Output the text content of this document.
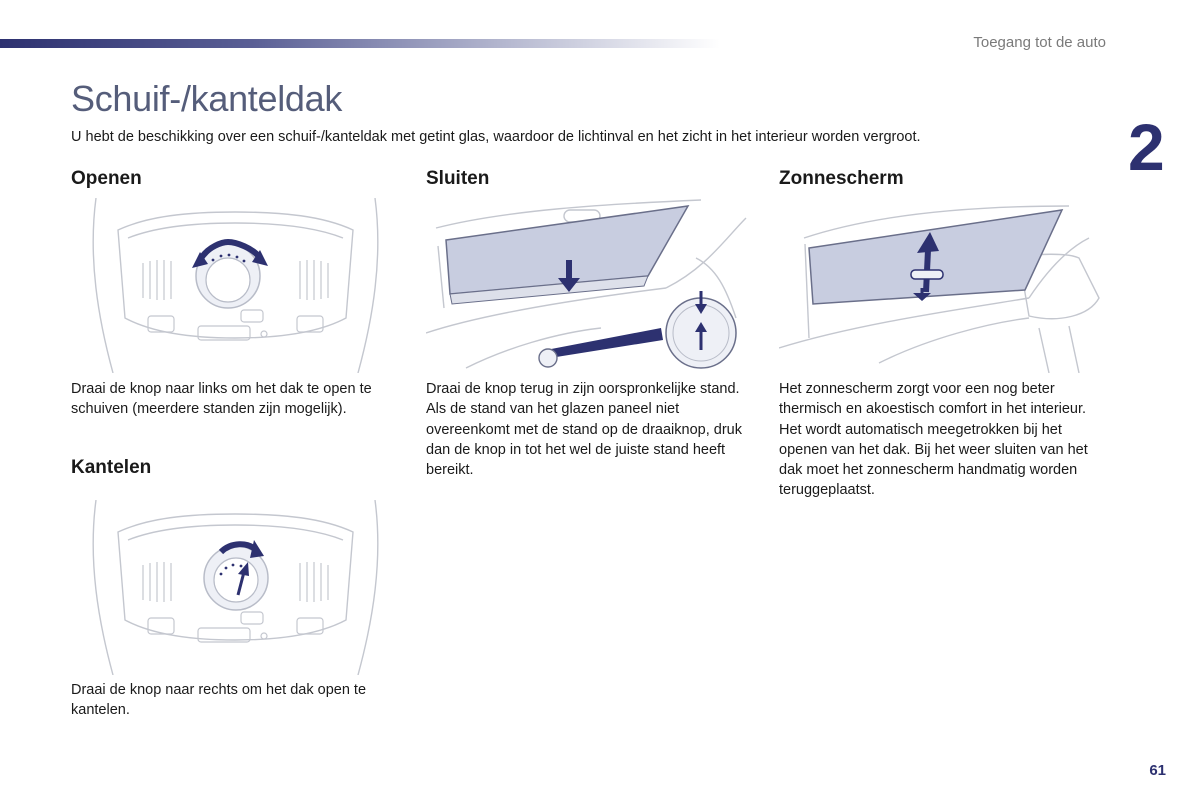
Toegang tot de auto
2
Schuif-/kanteldak
U hebt de beschikking over een schuif-/kanteldak met getint glas, waardoor de lichtinval en het zicht in het interieur worden vergroot.
Openen
Draai de knop naar links om het dak te open te schuiven (meerdere standen zijn mogelijk).
Kantelen
Draai de knop naar rechts om het dak open te kantelen.
Sluiten

Draai de knop terug in zijn oorspronkelijke stand.

Als de stand van het glazen paneel niet overeenkomt met de stand op de draaiknop, druk dan de knop in tot het wel de juiste stand heeft bereikt.

Zonnescherm

Het zonnescherm zorgt voor een nog beter thermisch en akoestisch comfort in het interieur.

Het wordt automatisch meegetrokken bij het openen van het dak. Bij het weer sluiten van het dak moet het zonnescherm handmatig worden teruggeplaatst.

61
